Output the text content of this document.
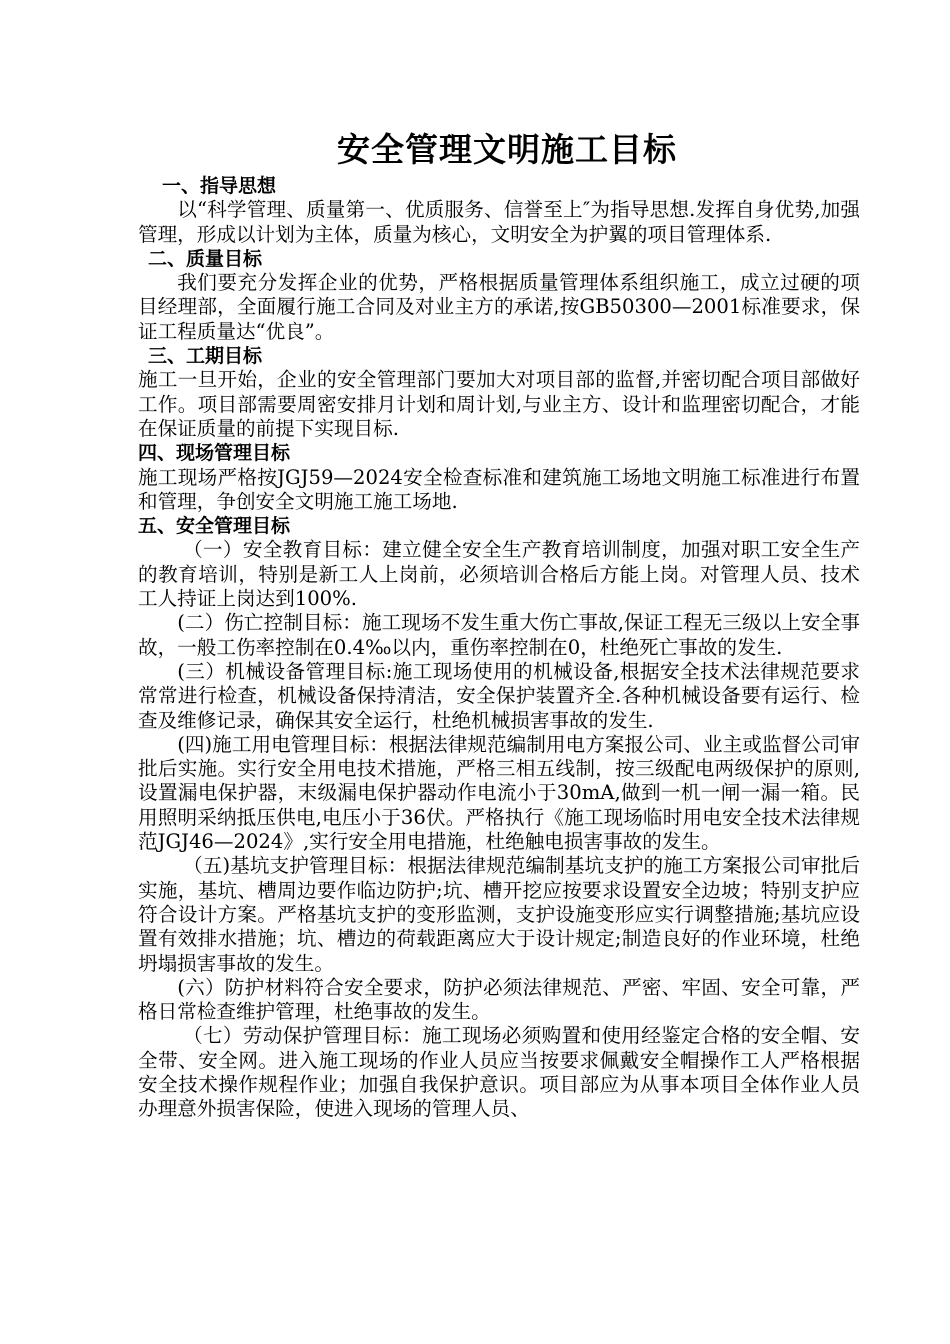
安全管理文明施工目标
一、指导思想

以“科学管理、质量第一、优质服务、信誉至上″为指导思想.发挥自身优势,加强管理，形成以计划为主体，质量为核心，文明安全为护翼的项目管理体系.

二、质量目标

我们要充分发挥企业的优势，严格根据质量管理体系组织施工，成立过硬的项目经理部，全面履行施工合同及对业主方的承诺,按GB50300—2001标准要求，保证工程质量达“优良”。

三、工期目标

施工一旦开始，企业的安全管理部门要加大对项目部的监督,并密切配合项目部做好工作。项目部需要周密安排月计划和周计划,与业主方、设计和监理密切配合，才能在保证质量的前提下实现目标.

四、现场管理目标

施工现场严格按JGJ59—2024安全检查标准和建筑施工场地文明施工标准进行布置和管理，争创安全文明施工施工场地.

五、安全管理目标

（一）安全教育目标：建立健全安全生产教育培训制度，加强对职工安全生产的教育培训，特别是新工人上岗前，必须培训合格后方能上岗。对管理人员、技术工人持证上岗达到100%.

(二）伤亡控制目标：施工现场不发生重大伤亡事故,保证工程无三级以上安全事故，一般工伤率控制在0.4‰以内，重伤率控制在0，杜绝死亡事故的发生.

(三）机械设备管理目标:施工现场使用的机械设备,根据安全技术法律规范要求常常进行检查，机械设备保持清洁，安全保护装置齐全.各种机械设备要有运行、检查及维修记录，确保其安全运行，杜绝机械损害事故的发生.

(四)施工用电管理目标：根据法律规范编制用电方案报公司、业主或监督公司审批后实施。实行安全用电技术措施，严格三相五线制，按三级配电两级保护的原则,设置漏电保护器，末级漏电保护器动作电流小于30mA,做到一机一闸一漏一箱。民用照明采纳抵压供电,电压小于36伏。严格执行《施工现场临时用电安全技术法律规范JGJ46—2024》,实行安全用电措施，杜绝触电损害事故的发生。

（五)基坑支护管理目标：根据法律规范编制基坑支护的施工方案报公司审批后实施，基坑、槽周边要作临边防护;坑、槽开挖应按要求设置安全边坡；特别支护应符合设计方案。严格基坑支护的变形监测，支护设施变形应实行调整措施;基坑应设置有效排水措施；坑、槽边的荷载距离应大于设计规定;制造良好的作业环境，杜绝坍塌损害事故的发生。

(六）防护材料符合安全要求，防护必须法律规范、严密、牢固、安全可靠，严格日常检查维护管理，杜绝事故的发生。

（七）劳动保护管理目标：施工现场必须购置和使用经鉴定合格的安全帽、安全带、安全网。进入施工现场的作业人员应当按要求佩戴安全帽操作工人严格根据安全技术操作规程作业；加强自我保护意识。项目部应为从事本项目全体作业人员办理意外损害保险，使进入现场的管理人员、
